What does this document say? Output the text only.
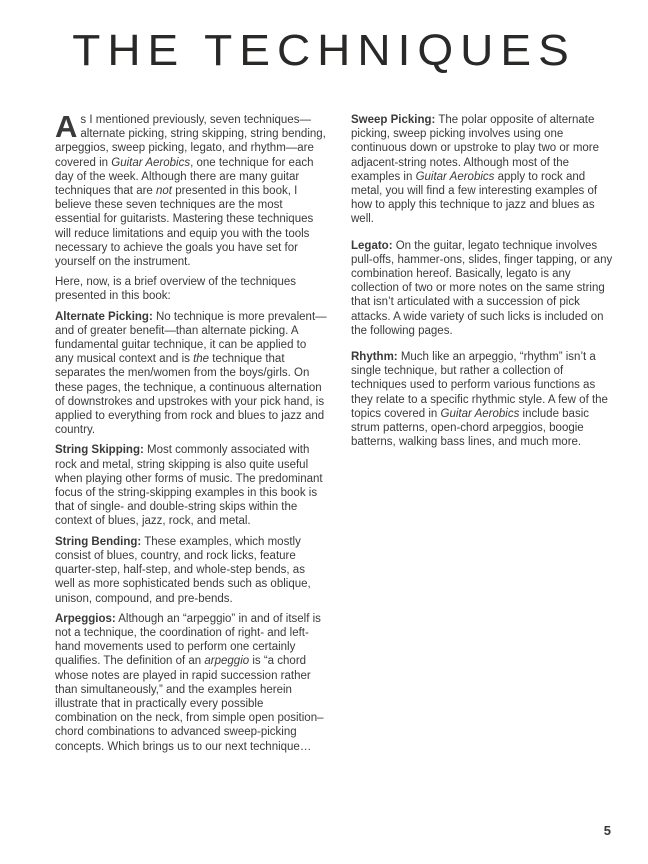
THE TECHNIQUES

As I mentioned previously, seven techniques—alternate picking, string skipping, string bending, arpeggios, sweep picking, legato, and rhythm—are covered in Guitar Aerobics, one technique for each day of the week. Although there are many guitar techniques that are not presented in this book, I believe these seven techniques are the most essential for guitarists. Mastering these techniques will reduce limitations and equip you with the tools necessary to achieve the goals you have set for yourself on the instrument.

Here, now, is a brief overview of the techniques presented in this book:

Alternate Picking: No technique is more prevalent—and of greater benefit—than alternate picking. A fundamental guitar technique, it can be applied to any musical context and is the technique that separates the men/women from the boys/girls. On these pages, the technique, a continuous alternation of downstrokes and upstrokes with your pick hand, is applied to everything from rock and blues to jazz and country.

String Skipping: Most commonly associated with rock and metal, string skipping is also quite useful when playing other forms of music. The predominant focus of the string-skipping examples in this book is that of single- and double-string skips within the context of blues, jazz, rock, and metal.

String Bending: These examples, which mostly consist of blues, country, and rock licks, feature quarter-step, half-step, and whole-step bends, as well as more sophisticated bends such as oblique, unison, compound, and pre-bends.

Arpeggios: Although an “arpeggio” in and of itself is not a technique, the coordination of right- and left-hand movements used to perform one certainly qualifies. The definition of an arpeggio is “a chord whose notes are played in rapid succession rather than simultaneously,” and the examples herein illustrate that in practically every possible combination on the neck, from simple open position–chord combinations to advanced sweep-picking concepts. Which brings us to our next technique…

Sweep Picking: The polar opposite of alternate picking, sweep picking involves using one continuous down or upstroke to play two or more adjacent-string notes. Although most of the examples in Guitar Aerobics apply to rock and metal, you will find a few interesting examples of how to apply this technique to jazz and blues as well.

Legato: On the guitar, legato technique involves pull-offs, hammer-ons, slides, finger tapping, or any combination hereof. Basically, legato is any collection of two or more notes on the same string that isn’t articulated with a succession of pick attacks. A wide variety of such licks is included on the following pages.

Rhythm: Much like an arpeggio, “rhythm” isn’t a single technique, but rather a collection of techniques used to perform various functions as they relate to a specific rhythmic style. A few of the topics covered in Guitar Aerobics include basic strum patterns, open-chord arpeggios, boogie batterns, walking bass lines, and much more.

5
